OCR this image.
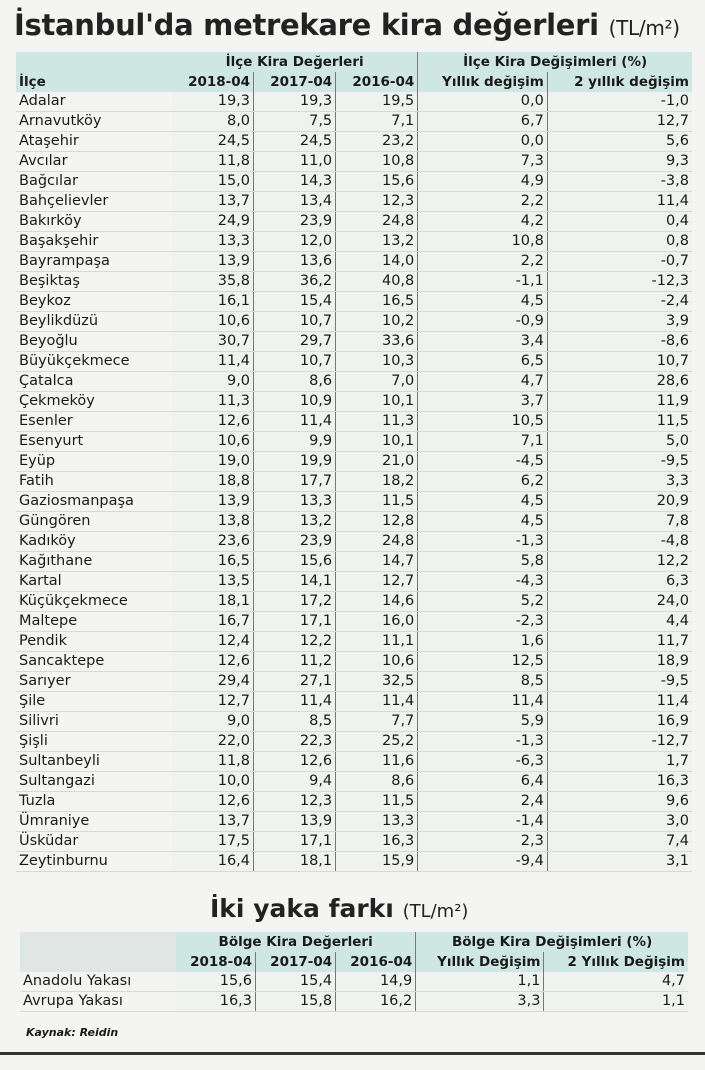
İstanbul'da metrekare kira değerleri (TL/m²)
	İlçe Kira Değerleri			İlçe Kira Değişimleri (%)	
İlçe	2018-04	2017-04	2016-04	Yıllık değişim	2 yıllık değişim
Adalar	19,3	19,3	19,5	0,0	-1,0
Arnavutköy	8,0	7,5	7,1	6,7	12,7
Ataşehir	24,5	24,5	23,2	0,0	5,6
Avcılar	11,8	11,0	10,8	7,3	9,3
Bağcılar	15,0	14,3	15,6	4,9	-3,8
Bahçelievler	13,7	13,4	12,3	2,2	11,4
Bakırköy	24,9	23,9	24,8	4,2	0,4
Başakşehir	13,3	12,0	13,2	10,8	0,8
Bayrampaşa	13,9	13,6	14,0	2,2	-0,7
Beşiktaş	35,8	36,2	40,8	-1,1	-12,3
Beykoz	16,1	15,4	16,5	4,5	-2,4
Beylikdüzü	10,6	10,7	10,2	-0,9	3,9
Beyoğlu	30,7	29,7	33,6	3,4	-8,6
Büyükçekmece	11,4	10,7	10,3	6,5	10,7
Çatalca	9,0	8,6	7,0	4,7	28,6
Çekmeköy	11,3	10,9	10,1	3,7	11,9
Esenler	12,6	11,4	11,3	10,5	11,5
Esenyurt	10,6	9,9	10,1	7,1	5,0
Eyüp	19,0	19,9	21,0	-4,5	-9,5
Fatih	18,8	17,7	18,2	6,2	3,3
Gaziosmanpaşa	13,9	13,3	11,5	4,5	20,9
Güngören	13,8	13,2	12,8	4,5	7,8
Kadıköy	23,6	23,9	24,8	-1,3	-4,8
Kağıthane	16,5	15,6	14,7	5,8	12,2
Kartal	13,5	14,1	12,7	-4,3	6,3
Küçükçekmece	18,1	17,2	14,6	5,2	24,0
Maltepe	16,7	17,1	16,0	-2,3	4,4
Pendik	12,4	12,2	11,1	1,6	11,7
Sancaktepe	12,6	11,2	10,6	12,5	18,9
Sarıyer	29,4	27,1	32,5	8,5	-9,5
Şile	12,7	11,4	11,4	11,4	11,4
Silivri	9,0	8,5	7,7	5,9	16,9
Şişli	22,0	22,3	25,2	-1,3	-12,7
Sultanbeyli	11,8	12,6	11,6	-6,3	1,7
Sultangazi	10,0	9,4	8,6	6,4	16,3
Tuzla	12,6	12,3	11,5	2,4	9,6
Ümraniye	13,7	13,9	13,3	-1,4	3,0
Üsküdar	17,5	17,1	16,3	2,3	7,4
Zeytinburnu	16,4	18,1	15,9	-9,4	3,1
İki yaka farkı (TL/m²)
	Bölge Kira Değerleri			Bölge Kira Değişimleri (%)	
	2018-04	2017-04	2016-04	Yıllık Değişim	2 Yıllık Değişim
Anadolu Yakası	15,6	15,4	14,9	1,1	4,7
Avrupa Yakası	16,3	15,8	16,2	3,3	1,1
Kaynak: Reidin
